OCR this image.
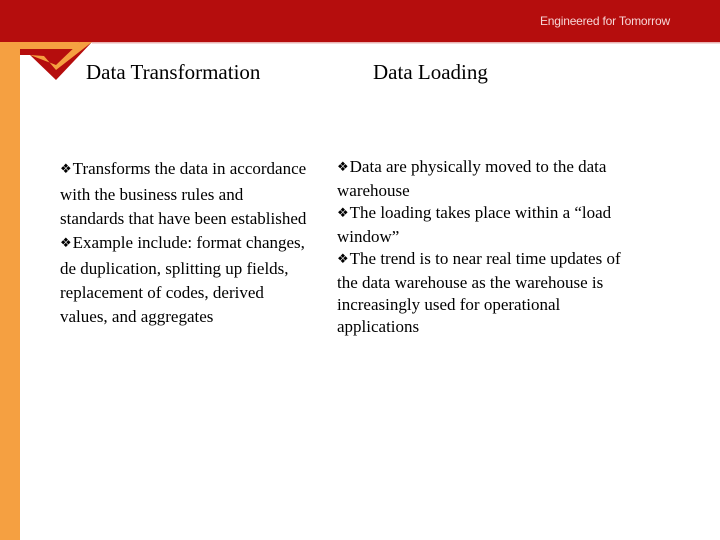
Engineered for Tomorrow
Data Transformation	Data Loading
❖Transforms the data in accordance with the business rules and standards that have been established
❖Example include: format changes, de duplication, splitting up fields, replacement of codes, derived values, and aggregates
❖Data are physically moved to the data warehouse
❖The loading takes place within a “load window”
❖The trend is to near real time updates of the data warehouse as the warehouse is increasingly used for operational applications
